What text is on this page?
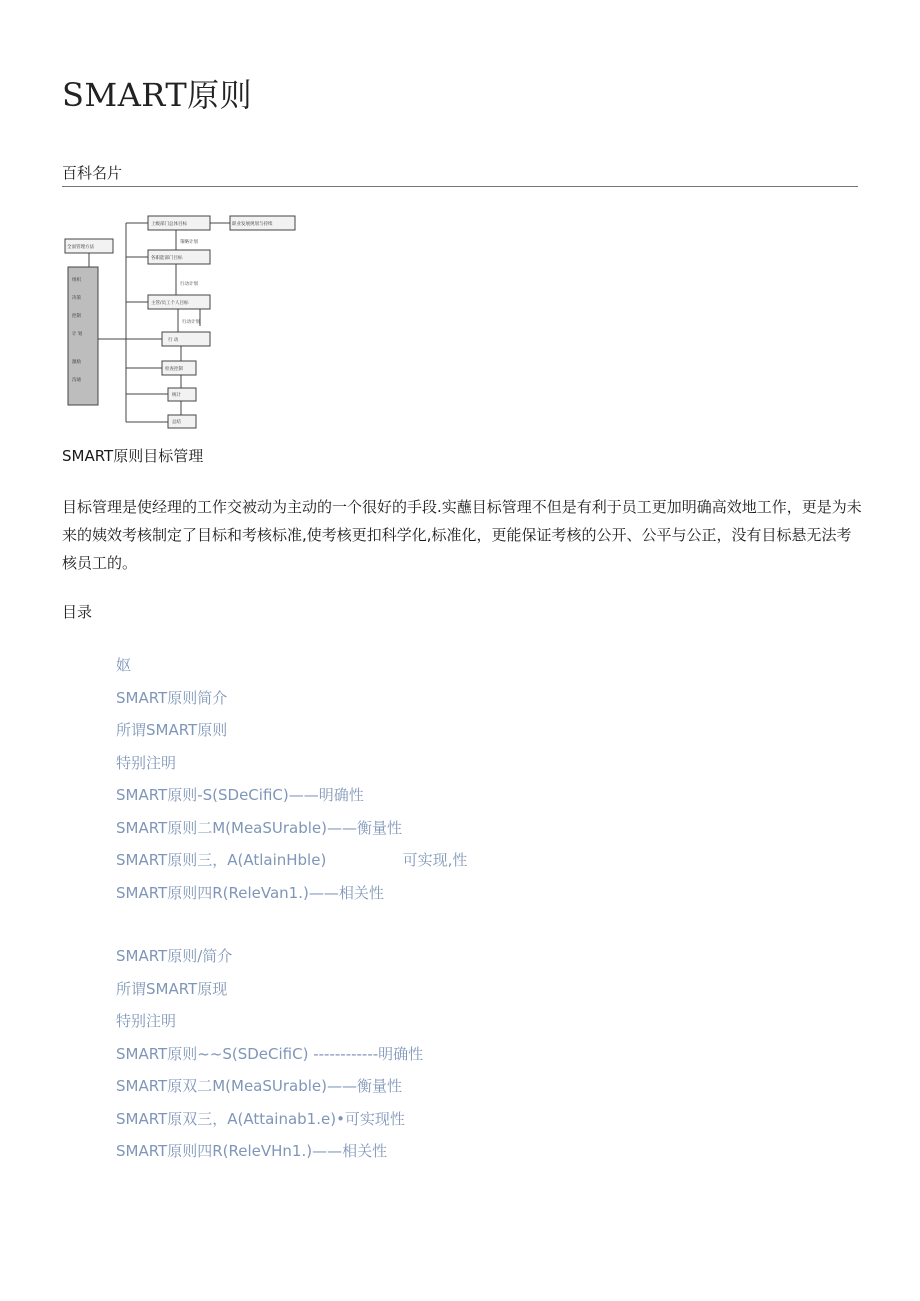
SMART原则
百科名片
全面管理方法
组织
决策
控制
计 划
激励
沟通
上级部门总体目标
各职能部门目标
主管/员工个人目标
行 动
检查控制
统计
总结
职业发展规划与持续
策略计划
行动计划
行动计划
SMART原则目标管理

目标管理是使经理的工作交被动为主动的一个很好的手段.实蘸目标管理不但是有利于员工更加明确高效地工作，更是为未来的姨效考核制定了目标和考核标准,使考核更扣科学化,标准化，更能保证考核的公开、公平与公正，没有目标悬无法考核员工的。

目录
妪
SMART原则简介
所谓SMART原则
特别注明
SMART原则-S(SDeCifiC)——明确性
SMART原则二M(MeaSUrable)——衡量性
SMART原则三，A(AtlainHble)                可实现,性
SMART原则四R(ReleVan1.)——相关性
SMART原则∕简介
所谓SMART原现
特别注明
SMART原则~~S(SDeCifiC) ------------明确性
SMART原双二M(MeaSUrable)——衡量性
SMART原双三，A(Attainab1.e)•可实现性
SMART原则四R(ReleVHn1.)——相关性
